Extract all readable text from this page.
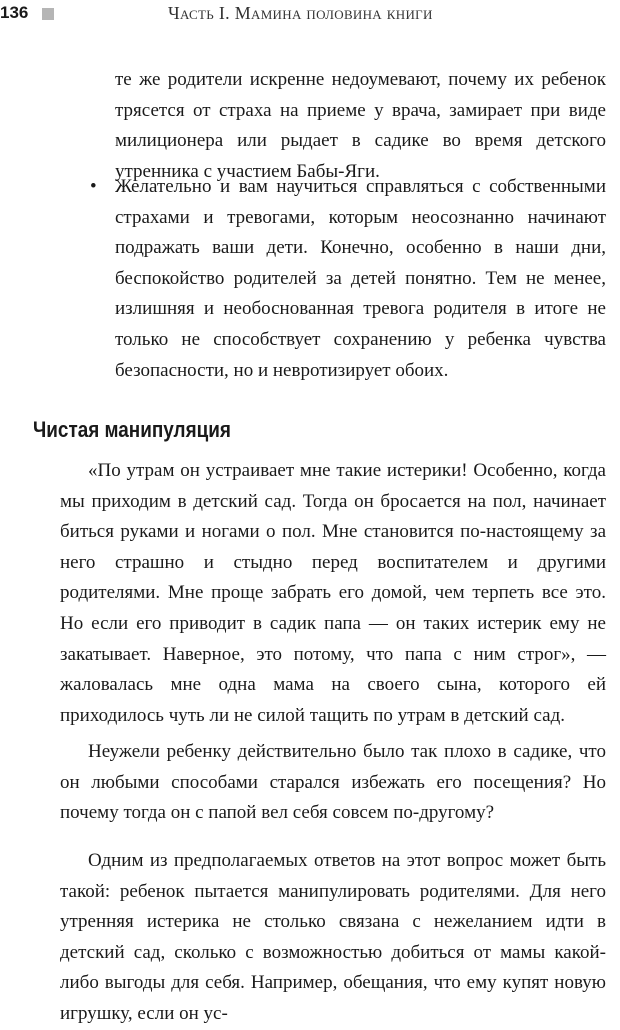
136	Часть I. Мамина половина книги

те же родители искренне недоумевают, почему их ребенок трясется от страха на приеме у врача, замирает при виде милиционера или рыдает в садике во время детского утренника с участием Бабы-Яги.

• Желательно и вам научиться справляться с собственными страхами и тревогами, которым неосознанно начинают подражать ваши дети. Конечно, особенно в наши дни, беспокойство родителей за детей понятно. Тем не менее, излишняя и необоснованная тревога родителя в итоге не только не способствует сохранению у ребенка чувства безопасности, но и невротизирует обоих.

Чистая манипуляция

«По утрам он устраивает мне такие истерики! Особенно, когда мы приходим в детский сад. Тогда он бросается на пол, начинает биться руками и ногами о пол. Мне становится по-настоящему за него страшно и стыдно перед воспитателем и другими родителями. Мне проще забрать его домой, чем терпеть все это. Но если его приводит в садик папа — он таких истерик ему не закатывает. Наверное, это потому, что папа с ним строг», — жаловалась мне одна мама на своего сына, которого ей приходилось чуть ли не силой тащить по утрам в детский сад.

Неужели ребенку действительно было так плохо в садике, что он любыми способами старался избежать его посещения? Но почему тогда он с папой вел себя совсем по-другому?

Одним из предполагаемых ответов на этот вопрос может быть такой: ребенок пытается манипулировать родителями. Для него утренняя истерика не столько связана с нежеланием идти в детский сад, сколько с возможностью добиться от мамы какой-либо выгоды для себя. Например, обещания, что ему купят новую игрушку, если он ус-
